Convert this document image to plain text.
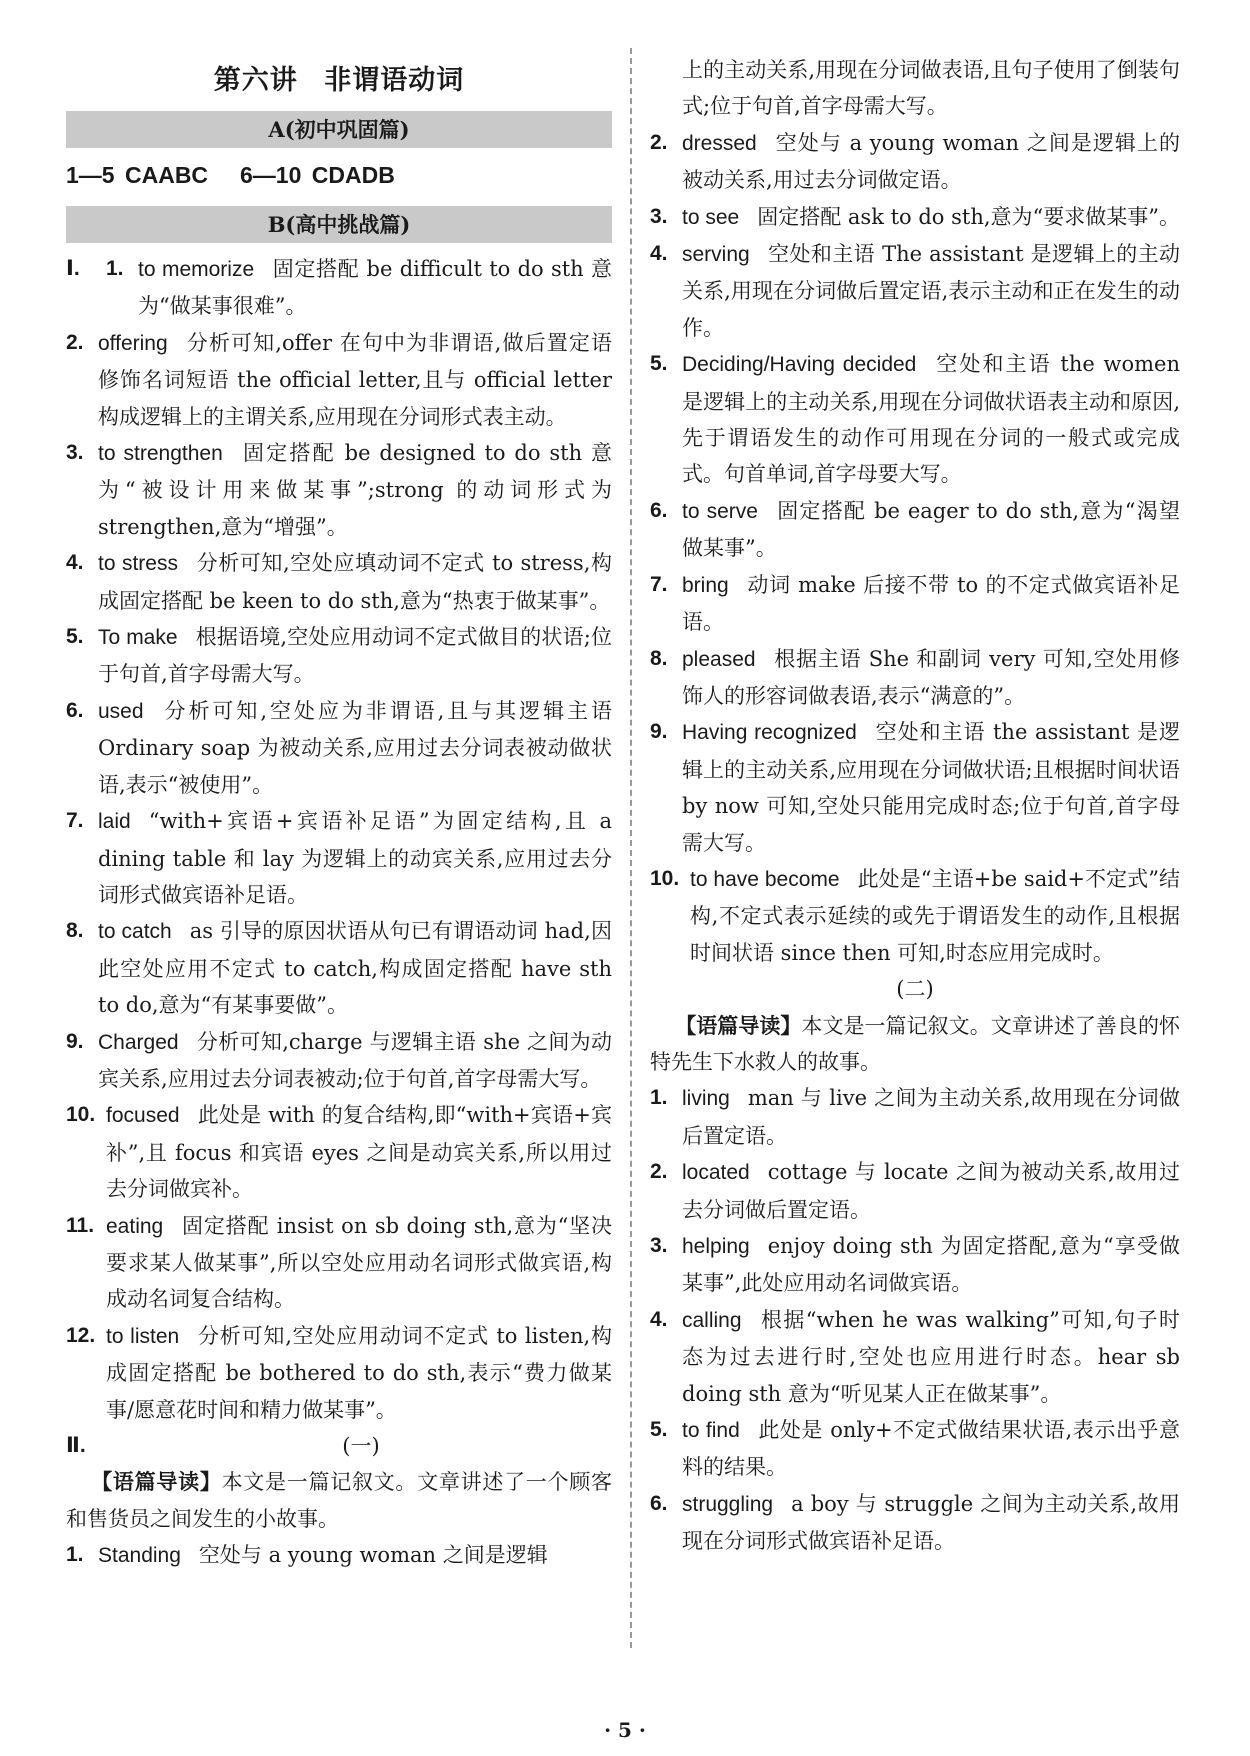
第六讲 非谓语动词
A(初中巩固篇)
1—5 CAABC 6—10 CDADB
B(高中挑战篇)
Ⅰ.	1. to memorize 固定搭配 be difficult to do sth 意为“做某事很难”。
2. offering 分析可知,offer 在句中为非谓语,做后置定语修饰名词短语 the official letter,且与 official letter 构成逻辑上的主谓关系,应用现在分词形式表主动。
3. to strengthen 固定搭配 be designed to do sth 意为“被设计用来做某事”;strong 的动词形式为 strengthen,意为“增强”。
4. to stress 分析可知,空处应填动词不定式 to stress,构成固定搭配 be keen to do sth,意为“热衷于做某事”。
5. To make 根据语境,空处应用动词不定式做目的状语;位于句首,首字母需大写。
6. used 分析可知,空处应为非谓语,且与其逻辑主语 Ordinary soap 为被动关系,应用过去分词表被动做状语,表示“被使用”。
7. laid “with+宾语+宾语补足语”为固定结构,且 a dining table 和 lay 为逻辑上的动宾关系,应用过去分词形式做宾语补足语。
8. to catch as 引导的原因状语从句已有谓语动词 had,因此空处应用不定式 to catch,构成固定搭配 have sth to do,意为“有某事要做”。
9. Charged 分析可知,charge 与逻辑主语 she 之间为动宾关系,应用过去分词表被动;位于句首,首字母需大写。
10. focused 此处是 with 的复合结构,即“with+宾语+宾补”,且 focus 和宾语 eyes 之间是动宾关系,所以用过去分词做宾补。
11. eating 固定搭配 insist on sb doing sth,意为“坚决要求某人做某事”,所以空处应用动名词形式做宾语,构成动名词复合结构。
12. to listen 分析可知,空处应用动词不定式 to listen,构成固定搭配 be bothered to do sth,表示“费力做某事/愿意花时间和精力做某事”。
Ⅱ.	(一)
【语篇导读】本文是一篇记叙文。文章讲述了一个顾客和售货员之间发生的小故事。
1. Standing 空处与 a young woman 之间是逻辑
上的主动关系,用现在分词做表语,且句子使用了倒装句式;位于句首,首字母需大写。
2. dressed 空处与 a young woman 之间是逻辑上的被动关系,用过去分词做定语。
3. to see 固定搭配 ask to do sth,意为“要求做某事”。
4. serving 空处和主语 The assistant 是逻辑上的主动关系,用现在分词做后置定语,表示主动和正在发生的动作。
5. Deciding/Having decided 空处和主语 the women 是逻辑上的主动关系,用现在分词做状语表主动和原因,先于谓语发生的动作可用现在分词的一般式或完成式。句首单词,首字母要大写。
6. to serve 固定搭配 be eager to do sth,意为“渴望做某事”。
7. bring 动词 make 后接不带 to 的不定式做宾语补足语。
8. pleased 根据主语 She 和副词 very 可知,空处用修饰人的形容词做表语,表示“满意的”。
9. Having recognized 空处和主语 the assistant 是逻辑上的主动关系,应用现在分词做状语;且根据时间状语 by now 可知,空处只能用完成时态;位于句首,首字母需大写。
10. to have become 此处是“主语+be said+不定式”结构,不定式表示延续的或先于谓语发生的动作,且根据时间状语 since then 可知,时态应用完成时。
(二)
【语篇导读】本文是一篇记叙文。文章讲述了善良的怀特先生下水救人的故事。
1. living man 与 live 之间为主动关系,故用现在分词做后置定语。
2. located cottage 与 locate 之间为被动关系,故用过去分词做后置定语。
3. helping enjoy doing sth 为固定搭配,意为“享受做某事”,此处应用动名词做宾语。
4. calling 根据“when he was walking”可知,句子时态为过去进行时,空处也应用进行时态。hear sb doing sth 意为“听见某人正在做某事”。
5. to find 此处是 only+不定式做结果状语,表示出乎意料的结果。
6. struggling a boy 与 struggle 之间为主动关系,故用现在分词形式做宾语补足语。
· 5 ·
